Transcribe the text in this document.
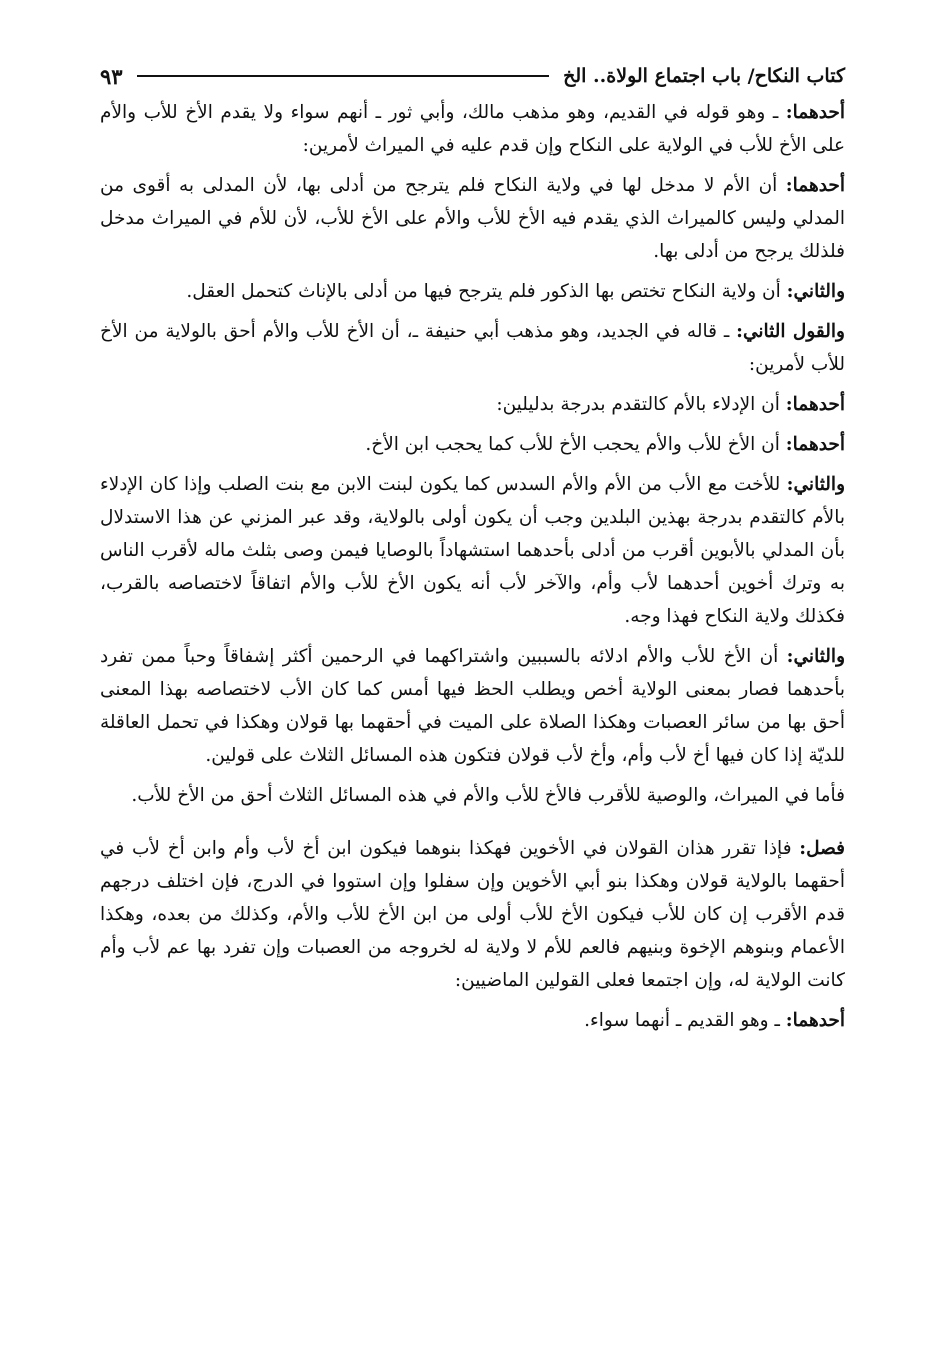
كتاب النكاح/ باب اجتماع الولاة.. الخ
٩٣

أحدهما: ـ وهو قوله في القديم، وهو مذهب مالك، وأبي ثور ـ أنهم سواء ولا يقدم الأخ للأب والأم على الأخ للأب في الولاية على النكاح وإن قدم عليه في الميراث لأمرين:

أحدهما: أن الأم لا مدخل لها في ولاية النكاح فلم يترجح من أدلى بها، لأن المدلى به أقوى من المدلي وليس كالميراث الذي يقدم فيه الأخ للأب والأم على الأخ للأب، لأن للأم في الميراث مدخل فلذلك يرجح من أدلى بها.

والثاني: أن ولاية النكاح تختص بها الذكور فلم يترجح فيها من أدلى بالإناث كتحمل العقل.

والقول الثاني: ـ قاله في الجديد، وهو مذهب أبي حنيفة ـ، أن الأخ للأب والأم أحق بالولاية من الأخ للأب لأمرين:

أحدهما: أن الإدلاء بالأم كالتقدم بدرجة بدليلين:

أحدهما: أن الأخ للأب والأم يحجب الأخ للأب كما يحجب ابن الأخ.

والثاني: للأخت مع الأب من الأم والأم السدس كما يكون لبنت الابن مع بنت الصلب وإذا كان الإدلاء بالأم كالتقدم بدرجة بهذين البلدين وجب أن يكون أولى بالولاية، وقد عبر المزني عن هذا الاستدلال بأن المدلي بالأبوين أقرب من أدلى بأحدهما استشهاداً بالوصايا فيمن وصى بثلث ماله لأقرب الناس به وترك أخوين أحدهما لأب وأم، والآخر لأب أنه يكون الأخ للأب والأم اتفاقاً لاختصاصه بالقرب، فكذلك ولاية النكاح فهذا وجه.

والثاني: أن الأخ للأب والأم ادلائه بالسببين واشتراكهما في الرحمين أكثر إشفاقاً وحباً ممن تفرد بأحدهما فصار بمعنى الولاية أخص ويطلب الحظ فيها أمس كما كان الأب لاختصاصه بهذا المعنى أحق بها من سائر العصبات وهكذا الصلاة على الميت في أحقهما بها قولان وهكذا في تحمل العاقلة للديّة إذا كان فيها أخ لأب وأم، وأخ لأب قولان فتكون هذه المسائل الثلاث على قولين.

فأما في الميراث، والوصية للأقرب فالأخ للأب والأم في هذه المسائل الثلاث أحق من الأخ للأب.

فصل: فإذا تقرر هذان القولان في الأخوين فهكذا بنوهما فيكون ابن أخ لأب وأم وابن أخ لأب في أحقهما بالولاية قولان وهكذا بنو أبي الأخوين وإن سفلوا وإن استووا في الدرج، فإن اختلف درجهم قدم الأقرب إن كان للأب فيكون الأخ للأب أولى من ابن الأخ للأب والأم، وكذلك من بعده، وهكذا الأعمام وبنوهم الإخوة وبنيهم فالعم للأم لا ولاية له لخروجه من العصبات وإن تفرد بها عم لأب وأم كانت الولاية له، وإن اجتمعا فعلى القولين الماضيين:

أحدهما: ـ وهو القديم ـ أنهما سواء.
